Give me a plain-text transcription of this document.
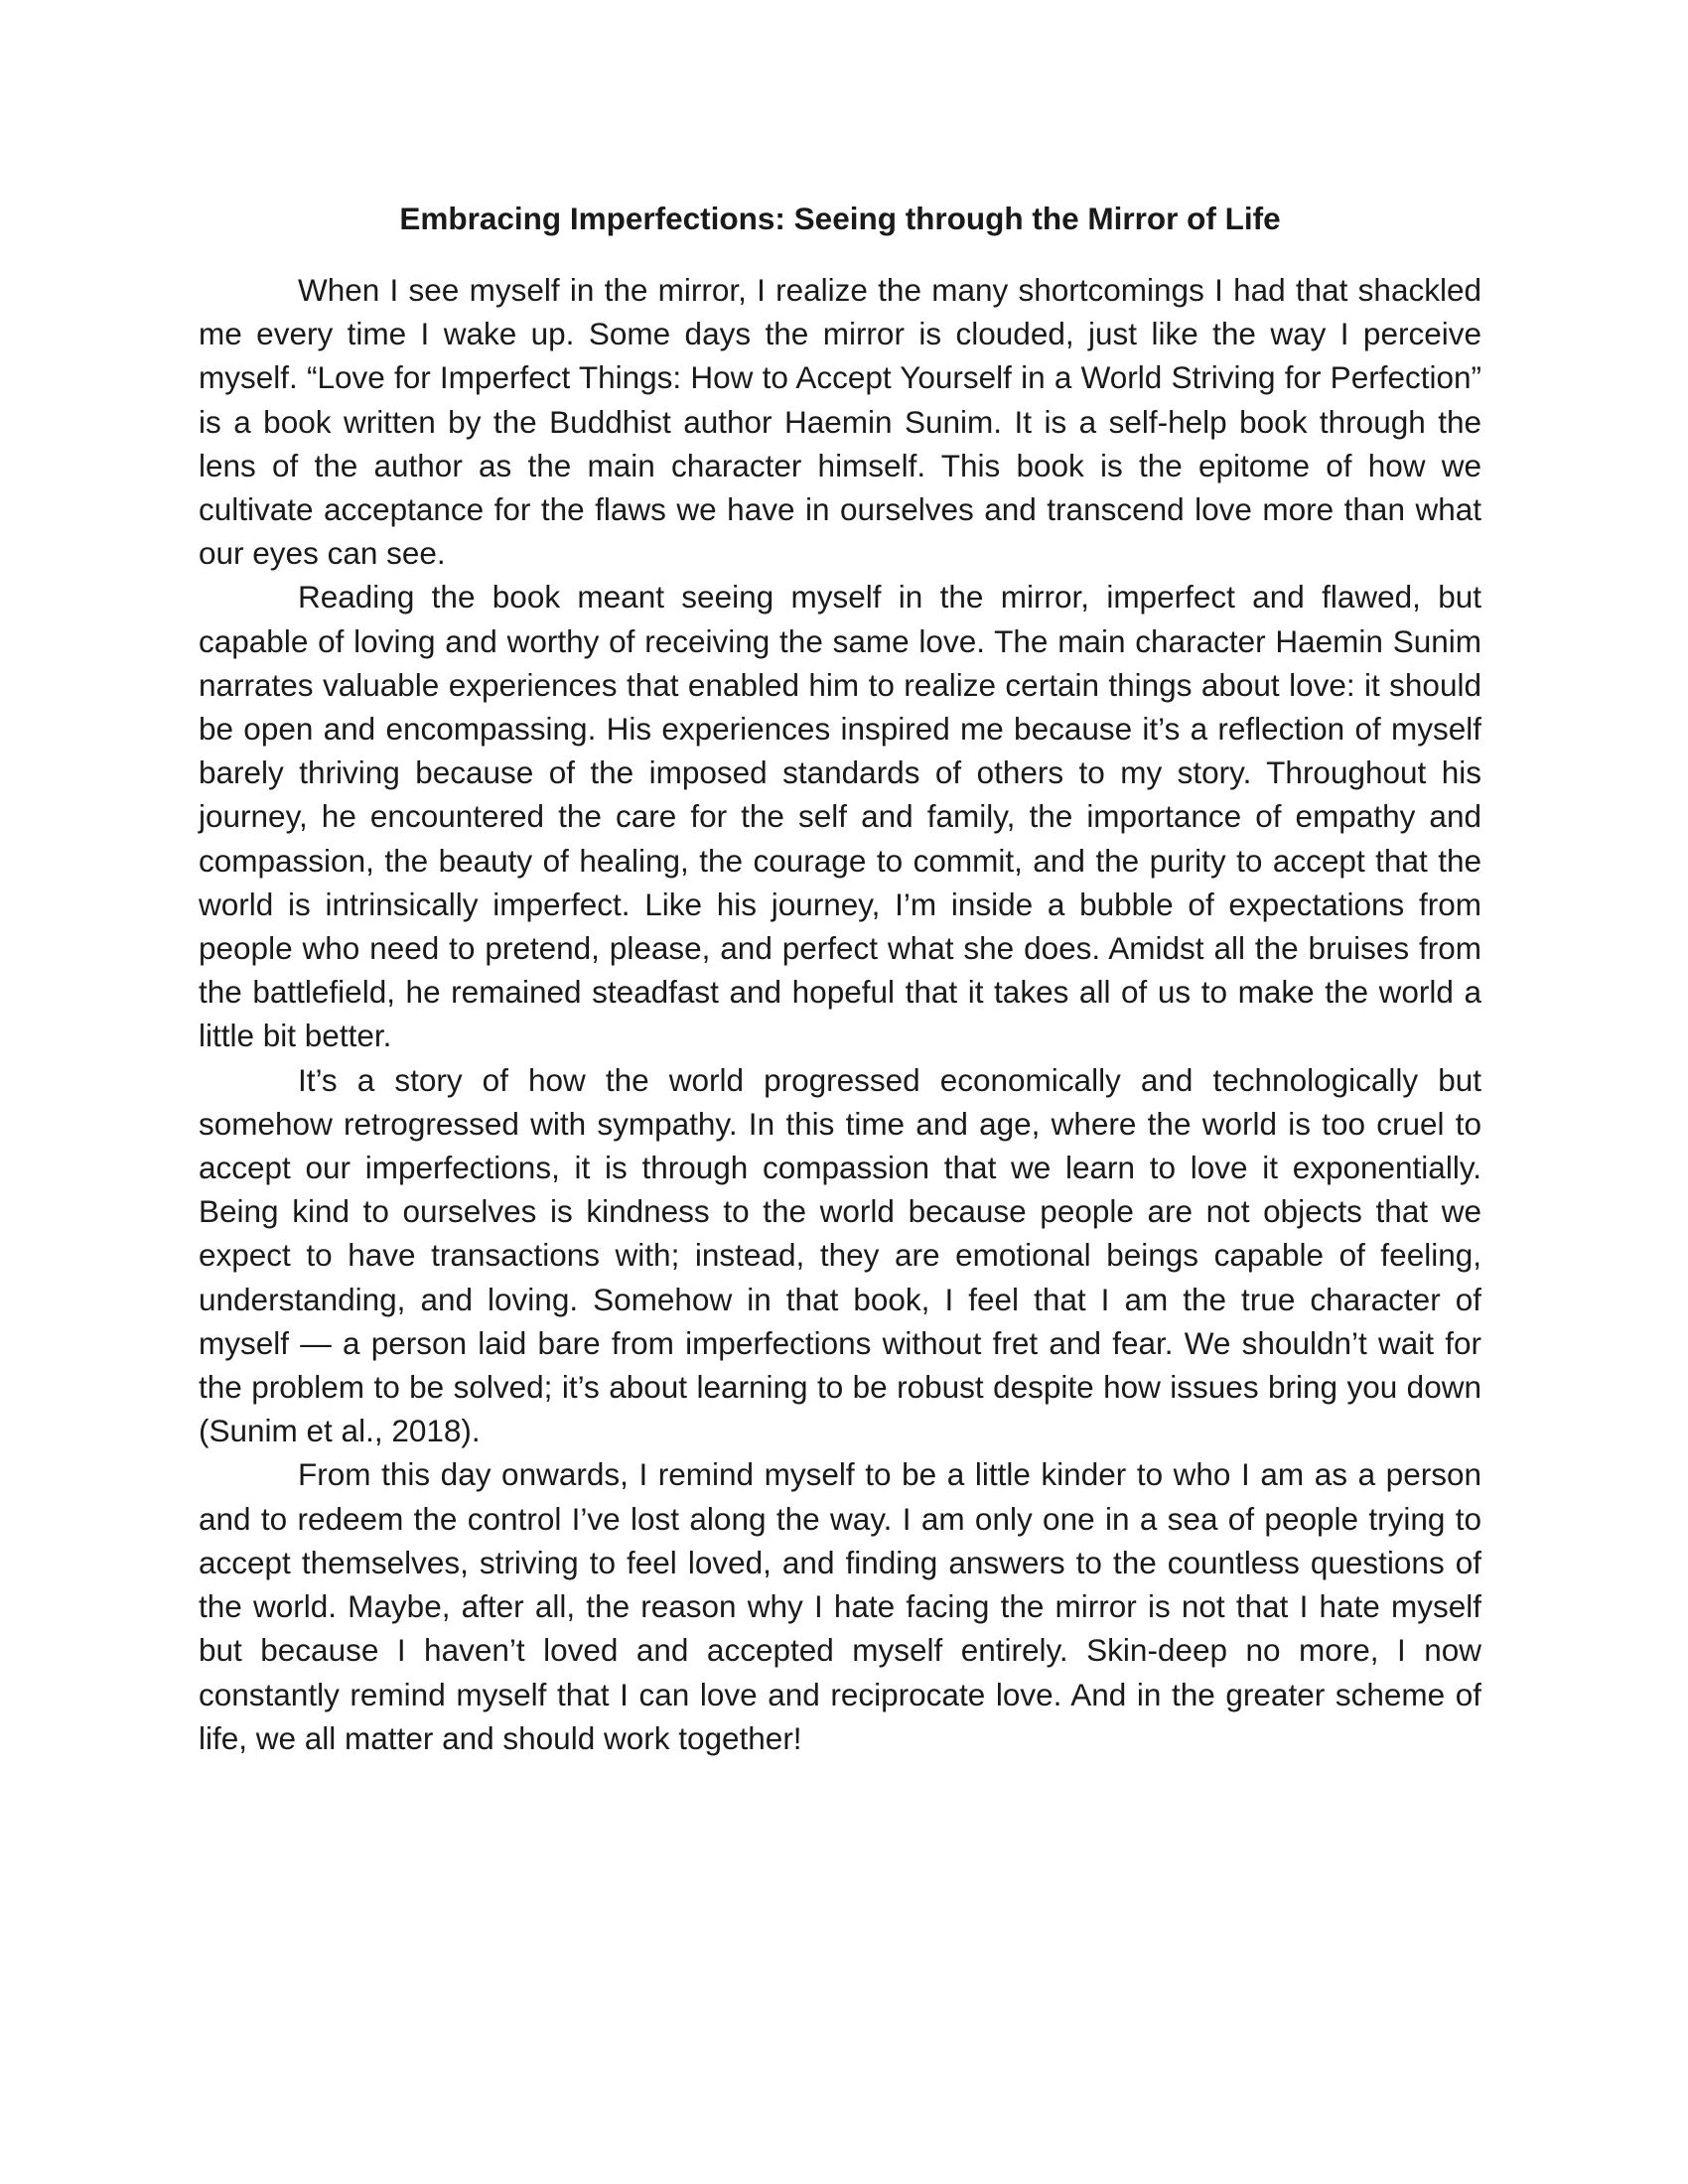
Embracing Imperfections: Seeing through the Mirror of Life

When I see myself in the mirror, I realize the many shortcomings I had that shackled me every time I wake up. Some days the mirror is clouded, just like the way I perceive myself. “Love for Imperfect Things: How to Accept Yourself in a World Striving for Perfection” is a book written by the Buddhist author Haemin Sunim. It is a self-help book through the lens of the author as the main character himself. This book is the epitome of how we cultivate acceptance for the flaws we have in ourselves and transcend love more than what our eyes can see.

Reading the book meant seeing myself in the mirror, imperfect and flawed, but capable of loving and worthy of receiving the same love. The main character Haemin Sunim narrates valuable experiences that enabled him to realize certain things about love: it should be open and encompassing. His experiences inspired me because it’s a reflection of myself barely thriving because of the imposed standards of others to my story. Throughout his journey, he encountered the care for the self and family, the importance of empathy and compassion, the beauty of healing, the courage to commit, and the purity to accept that the world is intrinsically imperfect. Like his journey, I’m inside a bubble of expectations from people who need to pretend, please, and perfect what she does. Amidst all the bruises from the battlefield, he remained steadfast and hopeful that it takes all of us to make the world a little bit better.

It’s a story of how the world progressed economically and technologically but somehow retrogressed with sympathy. In this time and age, where the world is too cruel to accept our imperfections, it is through compassion that we learn to love it exponentially. Being kind to ourselves is kindness to the world because people are not objects that we expect to have transactions with; instead, they are emotional beings capable of feeling, understanding, and loving. Somehow in that book, I feel that I am the true character of myself — a person laid bare from imperfections without fret and fear. We shouldn’t wait for the problem to be solved; it’s about learning to be robust despite how issues bring you down (Sunim et al., 2018).

From this day onwards, I remind myself to be a little kinder to who I am as a person and to redeem the control I’ve lost along the way. I am only one in a sea of people trying to accept themselves, striving to feel loved, and finding answers to the countless questions of the world. Maybe, after all, the reason why I hate facing the mirror is not that I hate myself but because I haven’t loved and accepted myself entirely. Skin-deep no more, I now constantly remind myself that I can love and reciprocate love. And in the greater scheme of life, we all matter and should work together!
